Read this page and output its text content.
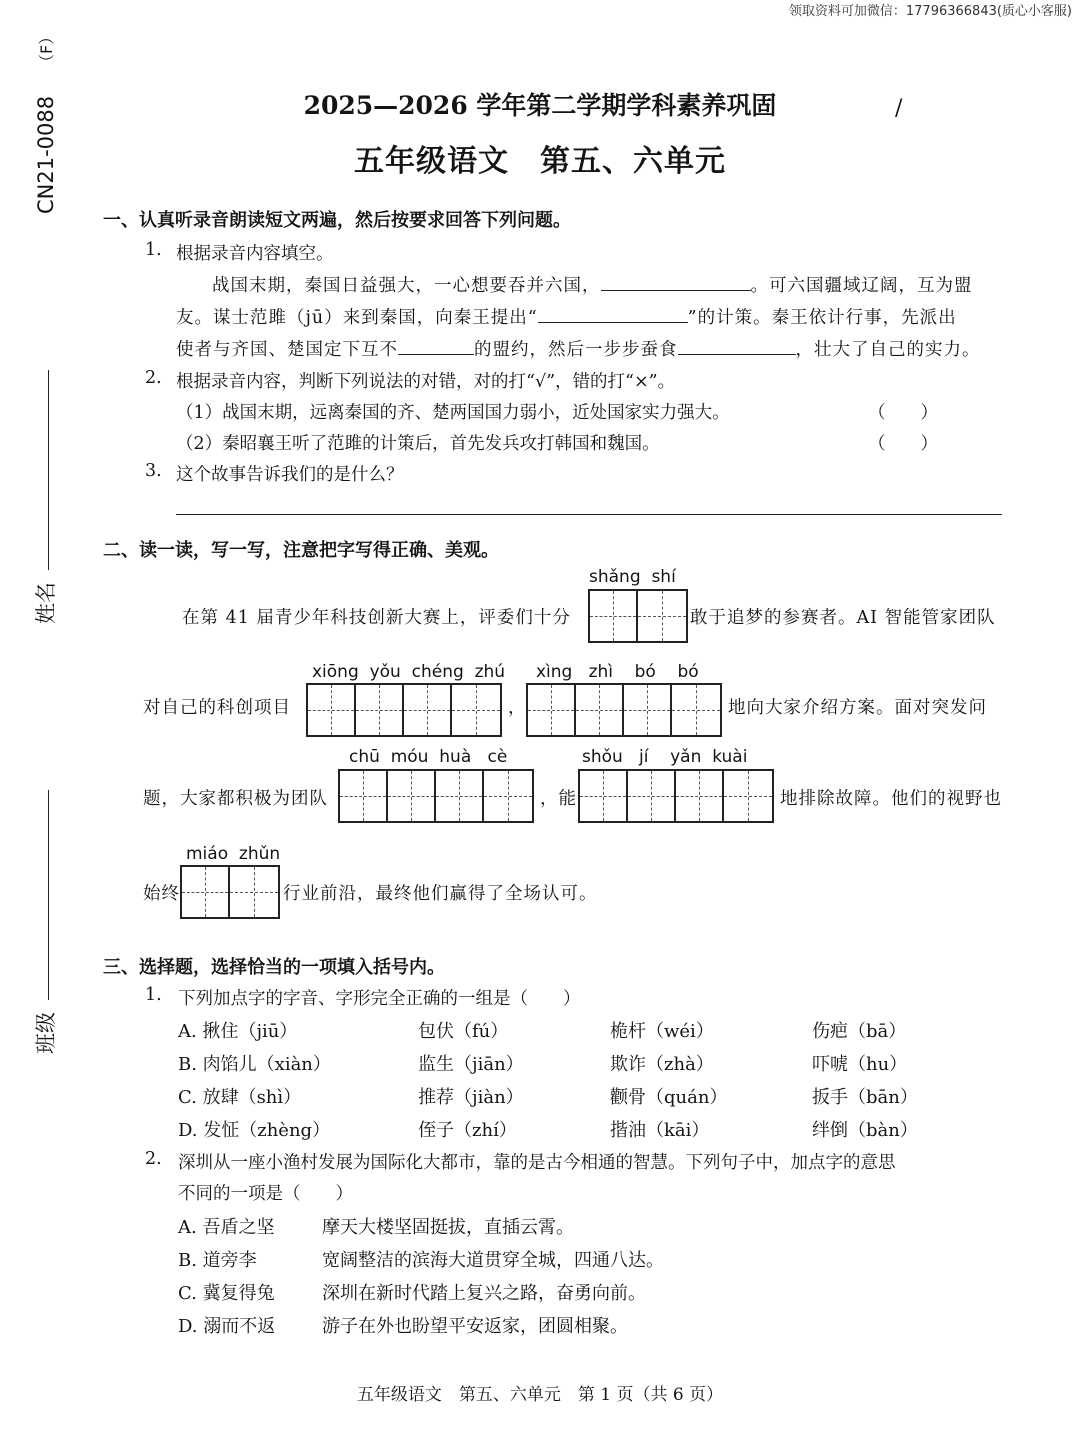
领取资料可加微信：17796366843(质心小客服)
CN21-0088
（F）
姓名
班级
2025—2026 学年第二学期学科素养巩固	/
五年级语文　第五、六单元
一、认真听录音朗读短文两遍，然后按要求回答下列问题。
1. 根据录音内容填空。
战国末期，秦国日益强大，一心想要吞并六国，	。可六国疆域辽阔，互为盟
友。谋士范雎（jū）来到秦国，向秦王提出“	”的计策。秦王依计行事，先派出
使者与齐国、楚国定下互不	的盟约，然后一步步蚕食	，壮大了自己的实力。
2. 根据录音内容，判断下列说法的对错，对的打“√”，错的打“×”。
（1）战国末期，远离秦国的齐、楚两国国力弱小，近处国家实力强大。	（　　）
（2）秦昭襄王听了范雎的计策后，首先发兵攻打韩国和魏国。	（　　）
3. 这个故事告诉我们的是什么？
二、读一读，写一写，注意把字写得正确、美观。
shǎng shí
在第 41 届青少年科技创新大赛上，评委们十分	敢于追梦的参赛者。AI 智能管家团队
xiōng yǒu chéng zhú xìng zhì bó bó
对自己的科创项目	，	地向大家介绍方案。面对突发问
chū móu huà cè	shǒu jí yǎn kuài
题，大家都积极为团队	，能	地排除故障。他们的视野也
miáo zhǔn
始终	行业前沿，最终他们赢得了全场认可。
三、选择题，选择恰当的一项填入括号内。
1. 下列加点字的字音、字形完全正确的一组是（　　）
A. 揪住（jiū）	包伏（fú）	桅杆（wéi）	伤疤（bā）
B. 肉馅儿（xiàn）	监生（jiān）	欺诈（zhà）	吓唬（hu）
C. 放肆（shì）	推荐（jiàn）	颧骨（quán）	扳手（bān）
D. 发怔（zhèng）	侄子（zhí）	揩油（kāi）	绊倒（bàn）
2. 深圳从一座小渔村发展为国际化大都市，靠的是古今相通的智慧。下列句子中，加点字的意思
不同的一项是（　　）
A. 吾盾之坚	摩天大楼坚固挺拔，直插云霄。
B. 道旁李	宽阔整洁的滨海大道贯穿全城，四通八达。
C. 冀复得兔	深圳在新时代踏上复兴之路，奋勇向前。
D. 溺而不返	游子在外也盼望平安返家，团圆相聚。
五年级语文　第五、六单元　第 1 页（共 6 页）
